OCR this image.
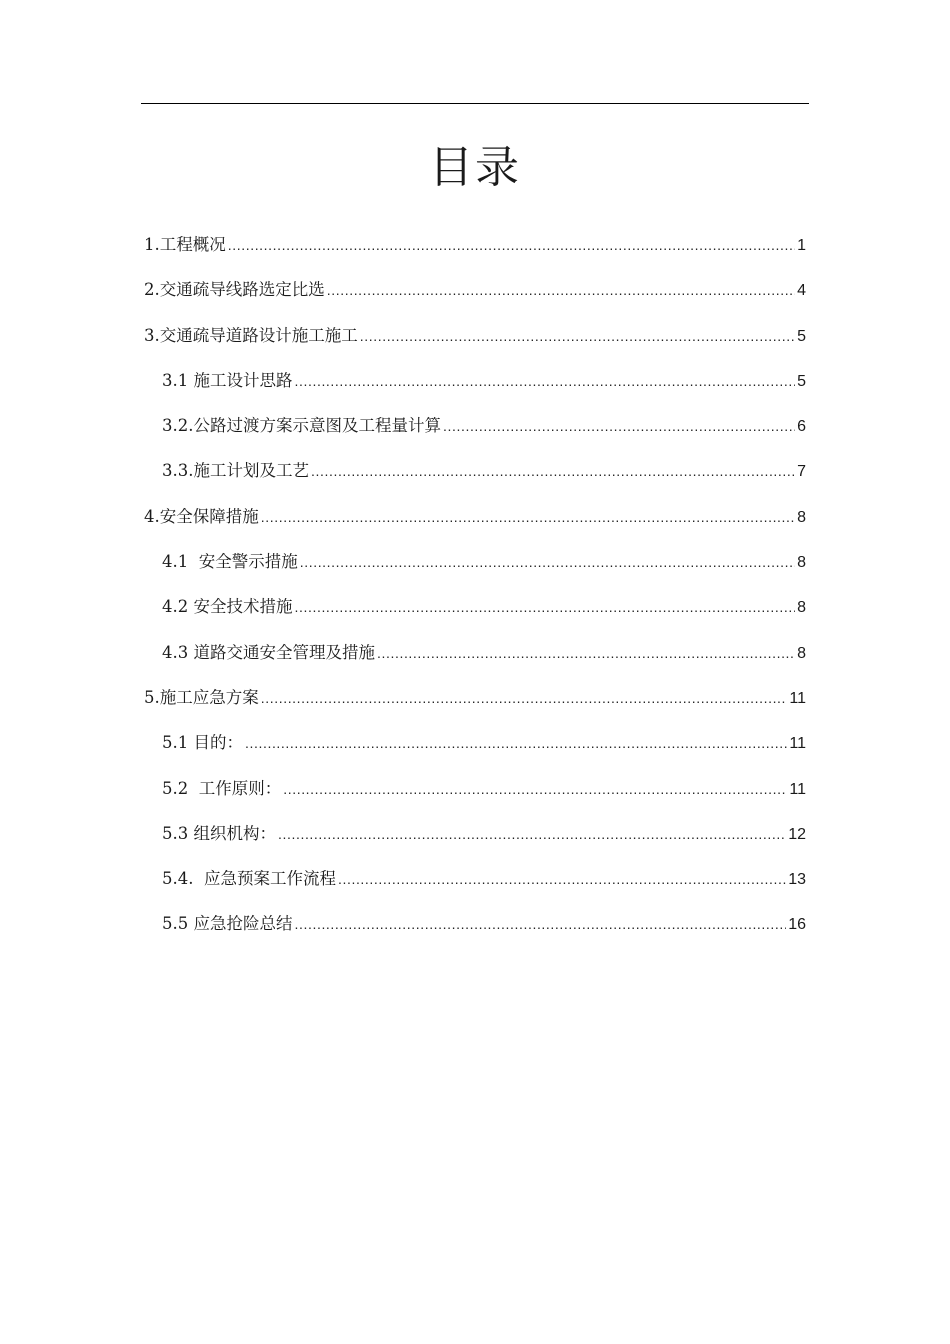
目录
1.工程概况 .....	1
2.交通疏导线路选定比选 .....	4
3.交通疏导道路设计施工施工 .....	5
3.1 施工设计思路 .....	5
3.2.公路过渡方案示意图及工程量计算 .....	6
3.3.施工计划及工艺 .....	7
4.安全保障措施 .....	8
4.1  安全警示措施 .....	8
4.2 安全技术措施 .....	8
4.3 道路交通安全管理及措施 .....	8
5.施工应急方案 .....	11
5.1 目的： .....	11
5.2  工作原则： .....	11
5.3 组织机构： .....	12
5.4.  应急预案工作流程 .....	13
5.5 应急抢险总结 .....	16
